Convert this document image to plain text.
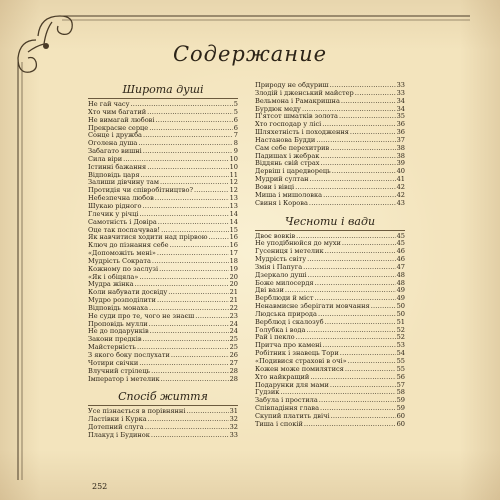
Содержание
Широта душі
Не гай часу .....	5
Хто чим багатий .....	5
Не вимагай любові .....	6
Прекрасне серце .....	6
Сонце і дружба .....	7
Оголена душа .....	8
Забагато вишні .....	9
Сила віри .....	10
Істинні бажання .....	10
Відповідь царя .....	11
Залиши дівчину там .....	12
Протидія чи співробітництво? .....	12
Небезпечна любов .....	13
Шукаю рідного .....	13
Глечик у річці .....	14
Самотність і Довіра .....	14
Оце так поспачував! .....	15
Як навчитися ходити над прірвою .....	16
Ключ до пізнання себе .....	16
«Допоможіть мені» .....	17
Мудрість Сократа .....	18
Кожному по заслузі .....	19
«Як і обіцяла» .....	20
Мудра жінка .....	20
Коли набувати досвіду .....	21
Мудро розподілити .....	21
Відповідь монаха .....	22
Не суди про те, чого не знаєш .....	23
Проповідь мулли .....	24
Не до подарунків .....	24
Закони предків .....	25
Майстерність .....	25
З якого боку послухати .....	26
Чотири свічки .....	27
Влучний стрілець .....	28
Імператор і метелик .....	28
Спосіб життя
Усе пізнається в порівнянні .....	31
Ластівки і Курка .....	32
Дотепний слуга .....	32
Плакуд і Будинок .....	33
Природу не обдуриш .....	33
Злодій і дженський майстер .....	33
Вельмона і Рамакришна .....	34
Бурдюк меду .....	34
П'ятсот шматків золота .....	35
Хто господар у лісі .....	36
Шляхетність і походження .....	36
Настанова Будди .....	37
Сам себе перехитрив .....	38
Падишах і жебрак .....	38
Віддянь свій страх .....	39
Дервіш і царедворець .....	40
Мудрий султан .....	41
Вови і вівці .....	42
Миша і мишоловка .....	42
Свиня і Корова .....	43
Чесноти і вади
Двоє вовків .....	45
Не уподібнюйся до мухи .....	45
Гусениця і метелик .....	46
Мудрість світу .....	46
Змія і Папуга .....	47
Дзеркало душі .....	48
Боже милосердя .....	48
Дві вази .....	49
Верблюди й міст .....	49
Ненавмисне зберігати мовчання .....	50
Людська природа .....	50
Верблюд і скалозуб .....	51
Голубка і водa .....	52
Рай і пекло .....	52
Притча про камені .....	53
Робітник і знавець Тори .....	54
«Подивися страхові в очі» .....	55
Кожен може помилятися .....	55
Хто найкращий .....	56
Подарунки для мами .....	57
Гудзик .....	58
Забула і простила .....	59
Співпадіння глава .....	59
Скупий платить двічі .....	60
Тиша і спокій .....	60
252
